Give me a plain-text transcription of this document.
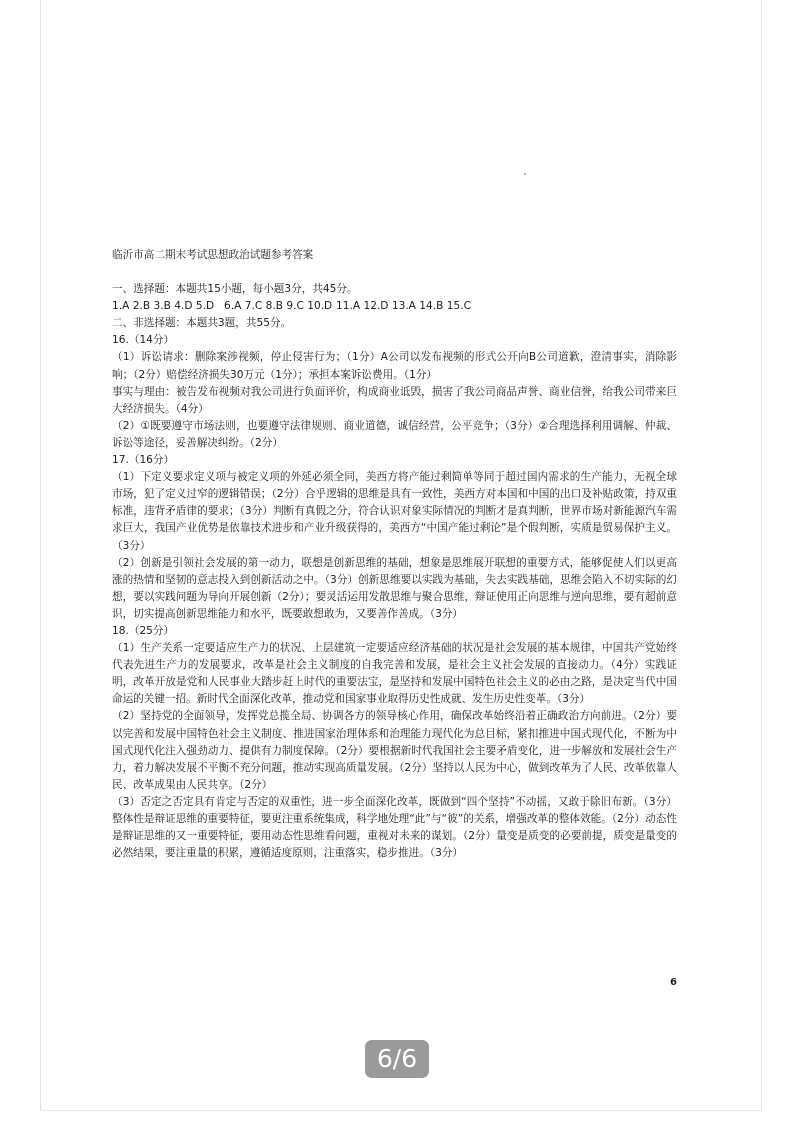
临沂市高二期末考试思想政治试题参考答案

一、选择题：本题共15小题，每小题3分，共45分。

1.A 2.B 3.B 4.D 5.D 6.A 7.C 8.B 9.C 10.D 11.A 12.D 13.A 14.B 15.C

二、非选择题：本题共3题，共55分。

16.（14分）

（1）诉讼请求：删除案涉视频，停止侵害行为；（1分）A公司以发布视频的形式公开向B公司道歉，澄清事实，消除影响；（2分）赔偿经济损失30万元（1分）；承担本案诉讼费用。（1分）

事实与理由：被告发布视频对我公司进行负面评价，构成商业诋毁，损害了我公司商品声誉、商业信誉，给我公司带来巨大经济损失。（4分）

（2）①既要遵守市场法则，也要遵守法律规则、商业道德，诚信经营，公平竞争；（3分）②合理选择利用调解、仲裁、诉讼等途径，妥善解决纠纷。（2分）

17.（16分）

（1）下定义要求定义项与被定义项的外延必须全同，美西方将产能过剩简单等同于超过国内需求的生产能力，无视全球市场，犯了定义过窄的逻辑错误；（2分）合乎逻辑的思维是具有一致性，美西方对本国和中国的出口及补贴政策，持双重标准，违背矛盾律的要求；（3分）判断有真假之分，符合认识对象实际情况的判断才是真判断，世界市场对新能源汽车需求巨大，我国产业优势是依靠技术进步和产业升级获得的，美西方“中国产能过剩论”是个假判断，实质是贸易保护主义。（3分）

（2）创新是引领社会发展的第一动力，联想是创新思维的基础，想象是思维展开联想的重要方式，能够促使人们以更高涨的热情和坚韧的意志投入到创新活动之中。（3分）创新思维要以实践为基础，失去实践基础，思维会陷入不切实际的幻想，要以实践问题为导向开展创新（2分）；要灵活运用发散思维与聚合思维，辩证使用正向思维与逆向思维，要有超前意识，切实提高创新思维能力和水平，既要敢想敢为，又要善作善成。（3分）

18.（25分）

（1）生产关系一定要适应生产力的状况、上层建筑一定要适应经济基础的状况是社会发展的基本规律，中国共产党始终代表先进生产力的发展要求，改革是社会主义制度的自我完善和发展，是社会主义社会发展的直接动力。（4分）实践证明，改革开放是党和人民事业大踏步赶上时代的重要法宝，是坚持和发展中国特色社会主义的必由之路，是决定当代中国命运的关键一招。新时代全面深化改革，推动党和国家事业取得历史性成就、发生历史性变革。（3分）

（2）坚持党的全面领导，发挥党总揽全局、协调各方的领导核心作用，确保改革始终沿着正确政治方向前进。（2分）要以完善和发展中国特色社会主义制度、推进国家治理体系和治理能力现代化为总目标，紧扣推进中国式现代化，不断为中国式现代化注入强劲动力、提供有力制度保障。（2分）要根据新时代我国社会主要矛盾变化，进一步解放和发展社会生产力，着力解决发展不平衡不充分问题，推动实现高质量发展。（2分）坚持以人民为中心，做到改革为了人民、改革依靠人民、改革成果由人民共享。（2分）

（3）否定之否定具有肯定与否定的双重性，进一步全面深化改革，既做到“四个坚持”不动摇，又敢于除旧布新。（3分）整体性是辩证思维的重要特征，要更注重系统集成，科学地处理“此”与“彼”的关系，增强改革的整体效能。（2分）动态性是辩证思维的又一重要特征，要用动态性思维看问题，重视对未来的谋划。（2分）量变是质变的必要前提，质变是量变的必然结果，要注重量的积累，遵循适度原则，注重落实，稳步推进。（3分）

6
6/6
